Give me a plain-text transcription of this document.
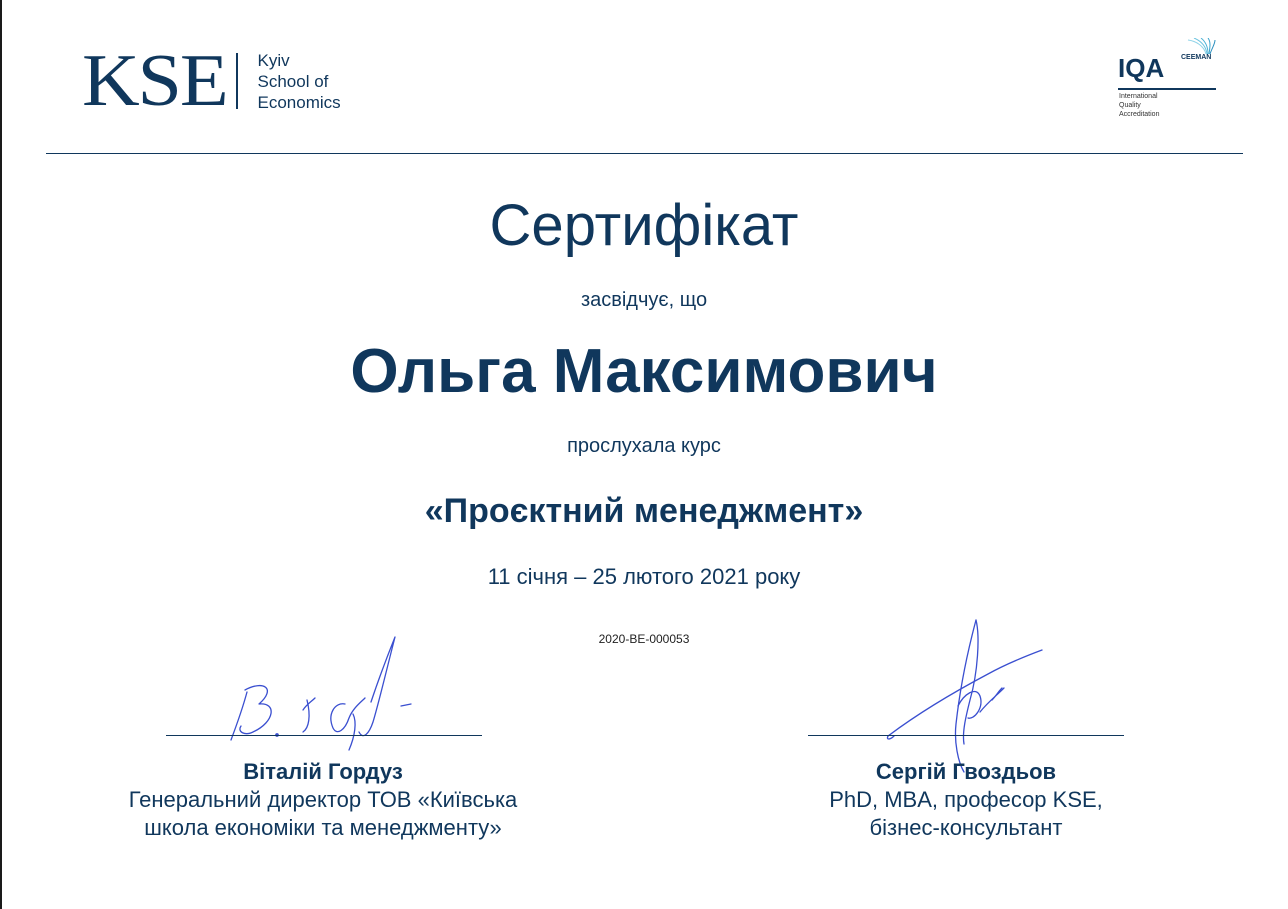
KSE	Kyiv
School of
Economics
IQA CEEMAN
International
Quality
Accreditation
Сертифікат
засвідчує, що
Ольга Максимович
прослухала курс
«Проєктний менеджмент»
11 січня – 25 лютого 2021 року
2020-BE-000053
Віталій Гордуз
Генеральний директор ТОВ «Київська
школа економіки та менеджменту»
Сергій Гвоздьов
PhD, MBA, професор KSE,
бізнес-консультант
